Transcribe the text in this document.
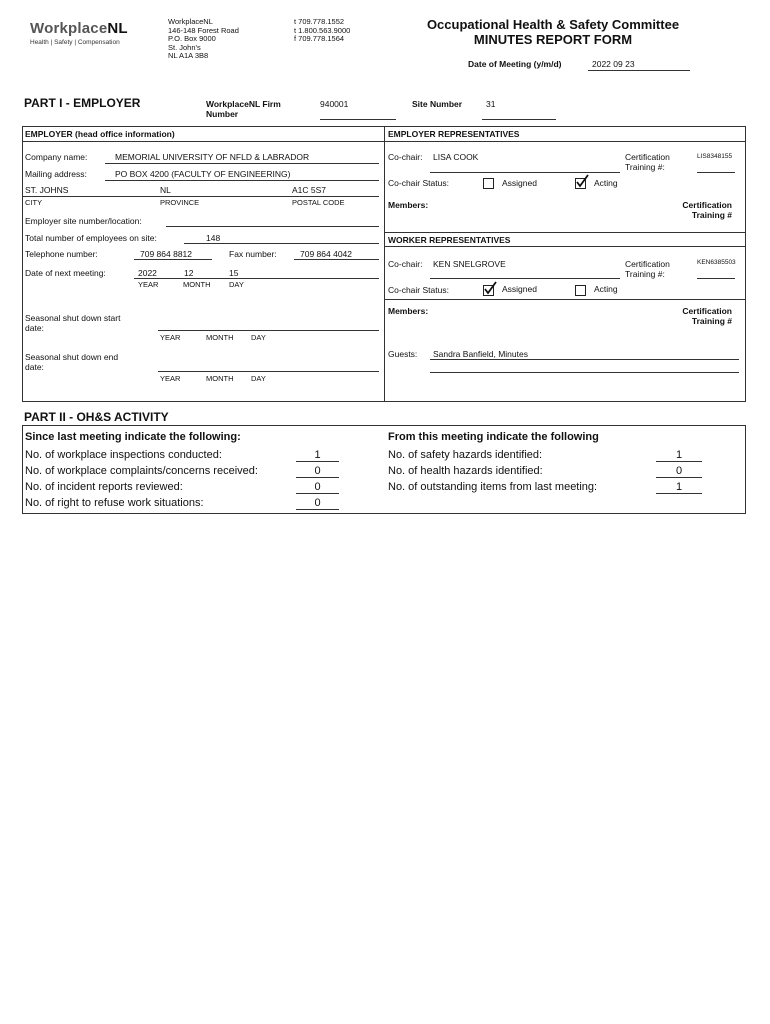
WorkplaceNL
Health | Safety | Compensation
WorkplaceNL
146-148 Forest Road
P.O. Box 9000
St. John's
NL A1A 3B8
t 709.778.1552
t 1.800.563.9000
f 709.778.1564
Occupational Health & Safety Committee
MINUTES REPORT FORM
Date of Meeting (y/m/d)	2022 09 23
PART I - EMPLOYER	WorkplaceNL Firm
Number
940001	Site Number	31
EMPLOYER (head office information)
Company name:	MEMORIAL UNIVERSITY OF NFLD & LABRADOR
Mailing address:	PO BOX 4200 (FACULTY OF ENGINEERING)
ST. JOHNS	NL	A1C 5S7
CITY	PROVINCE	POSTAL CODE
Employer site number/location:
Total number of employees on site:	148
Telephone number:	709 864 8812	Fax number:	709 864 4042
Date of next meeting:	2022	12	15
YEAR	MONTH DAY
Seasonal shut down start
date:
YEAR	MONTH DAY
Seasonal shut down end
date:
YEAR	MONTH DAY
EMPLOYER REPRESENTATIVES
Co-chair: LISA COOK	Certification
Training #:
LIS8348155
Co-chair Status:	Assigned	Acting
Members:	Certification
Training #
WORKER REPRESENTATIVES
Co-chair: KEN SNELGROVE	Certification
Training #:
KEN6385503
Co-chair Status:	Assigned	Acting
Members:	Certification
Training #
Guests: Sandra Banfield, Minutes
PART II - OH&S ACTIVITY
Since last meeting indicate the following:	From this meeting indicate the following
No. of workplace inspections conducted:	1
No. of workplace complaints/concerns received:	0
No. of incident reports reviewed:	0
No. of right to refuse work situations:	0
No. of safety hazards identified:	1
No. of health hazards identified:	0
No. of outstanding items from last meeting:	1
